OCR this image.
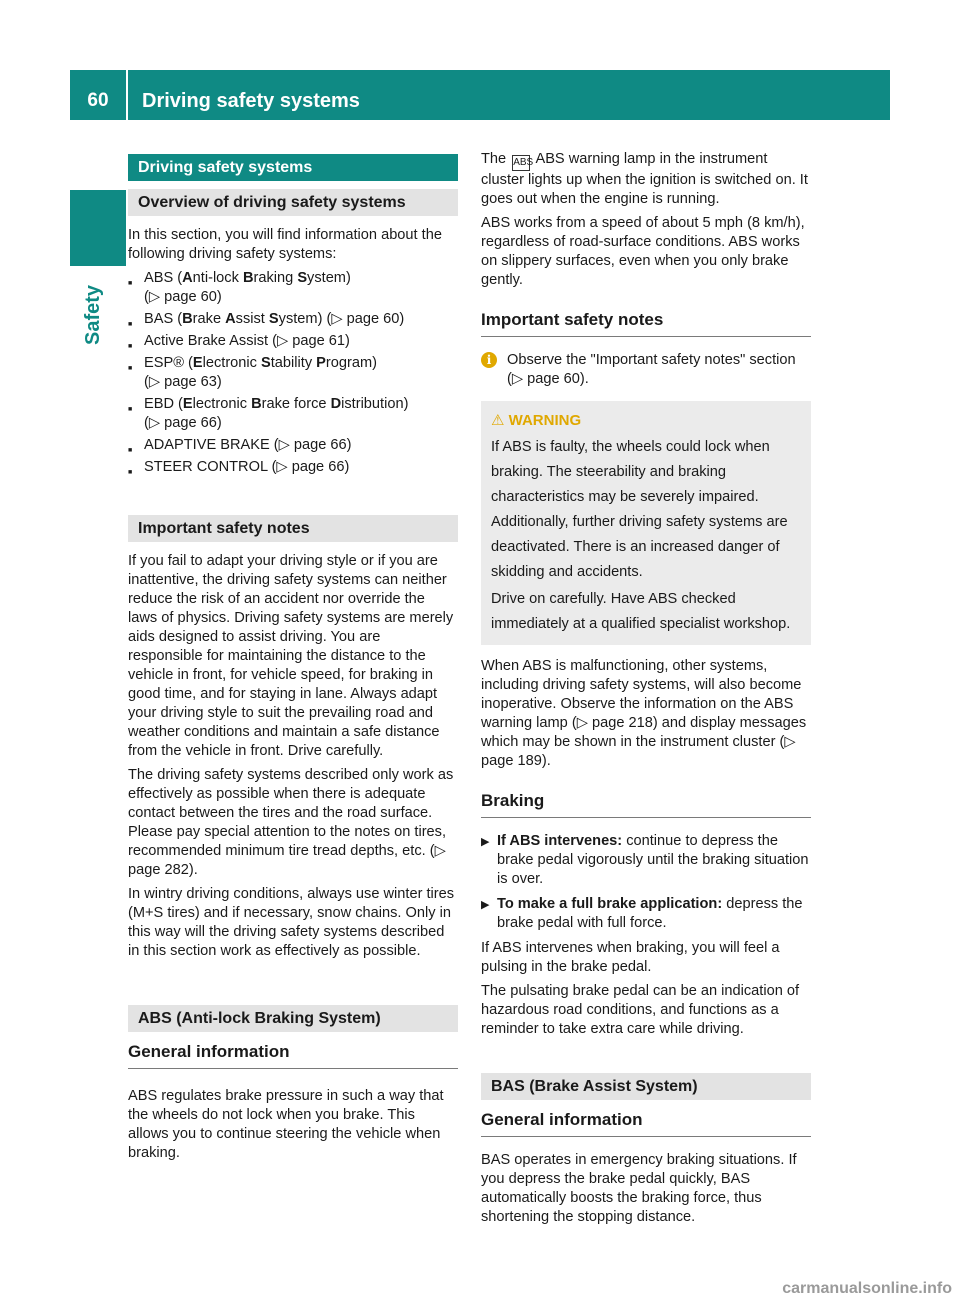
60	Driving safety systems
Safety
Driving safety systems
Overview of driving safety systems

In this section, you will find information about the following driving safety systems:

■ ABS (Anti-lock Braking System)
(▷ page 60)
■ BAS (Brake Assist System) (▷ page 60)
■ Active Brake Assist (▷ page 61)
■ ESP® (Electronic Stability Program)
(▷ page 63)
■ EBD (Electronic Brake force Distribution)
(▷ page 66)
■ ADAPTIVE BRAKE (▷ page 66)
■ STEER CONTROL (▷ page 66)
Important safety notes

If you fail to adapt your driving style or if you are inattentive, the driving safety systems can neither reduce the risk of an accident nor override the laws of physics. Driving safety systems are merely aids designed to assist driving. You are responsible for maintaining the distance to the vehicle in front, for vehicle speed, for braking in good time, and for staying in lane. Always adapt your driving style to suit the prevailing road and weather conditions and maintain a safe distance from the vehicle in front. Drive carefully.

The driving safety systems described only work as effectively as possible when there is adequate contact between the tires and the road surface. Please pay special attention to the notes on tires, recommended minimum tire tread depths, etc. (▷ page 282).

In wintry driving conditions, always use winter tires (M+S tires) and if necessary, snow chains. Only in this way will the driving safety systems described in this section work as effectively as possible.

ABS (Anti-lock Braking System)
General information

ABS regulates brake pressure in such a way that the wheels do not lock when you brake. This allows you to continue steering the vehicle when braking.

The ABS ABS warning lamp in the instrument cluster lights up when the ignition is switched on. It goes out when the engine is running.

ABS works from a speed of about 5 mph (8 km/h), regardless of road-surface conditions. ABS works on slippery surfaces, even when you only brake gently.

Important safety notes
i	Observe the "Important safety notes" section (▷ page 60).
⚠ WARNING

If ABS is faulty, the wheels could lock when braking. The steerability and braking characteristics may be severely impaired. Additionally, further driving safety systems are deactivated. There is an increased danger of skidding and accidents.

Drive on carefully. Have ABS checked immediately at a qualified specialist workshop.

When ABS is malfunctioning, other systems, including driving safety systems, will also become inoperative. Observe the information on the ABS warning lamp (▷ page 218) and display messages which may be shown in the instrument cluster (▷ page 189).

Braking
▶ If ABS intervenes: continue to depress the brake pedal vigorously until the braking situation is over.
▶ To make a full brake application: depress the brake pedal with full force.

If ABS intervenes when braking, you will feel a pulsing in the brake pedal.

The pulsating brake pedal can be an indication of hazardous road conditions, and functions as a reminder to take extra care while driving.

BAS (Brake Assist System)
General information

BAS operates in emergency braking situations. If you depress the brake pedal quickly, BAS automatically boosts the braking force, thus shortening the stopping distance.

carmanualsonline.info
